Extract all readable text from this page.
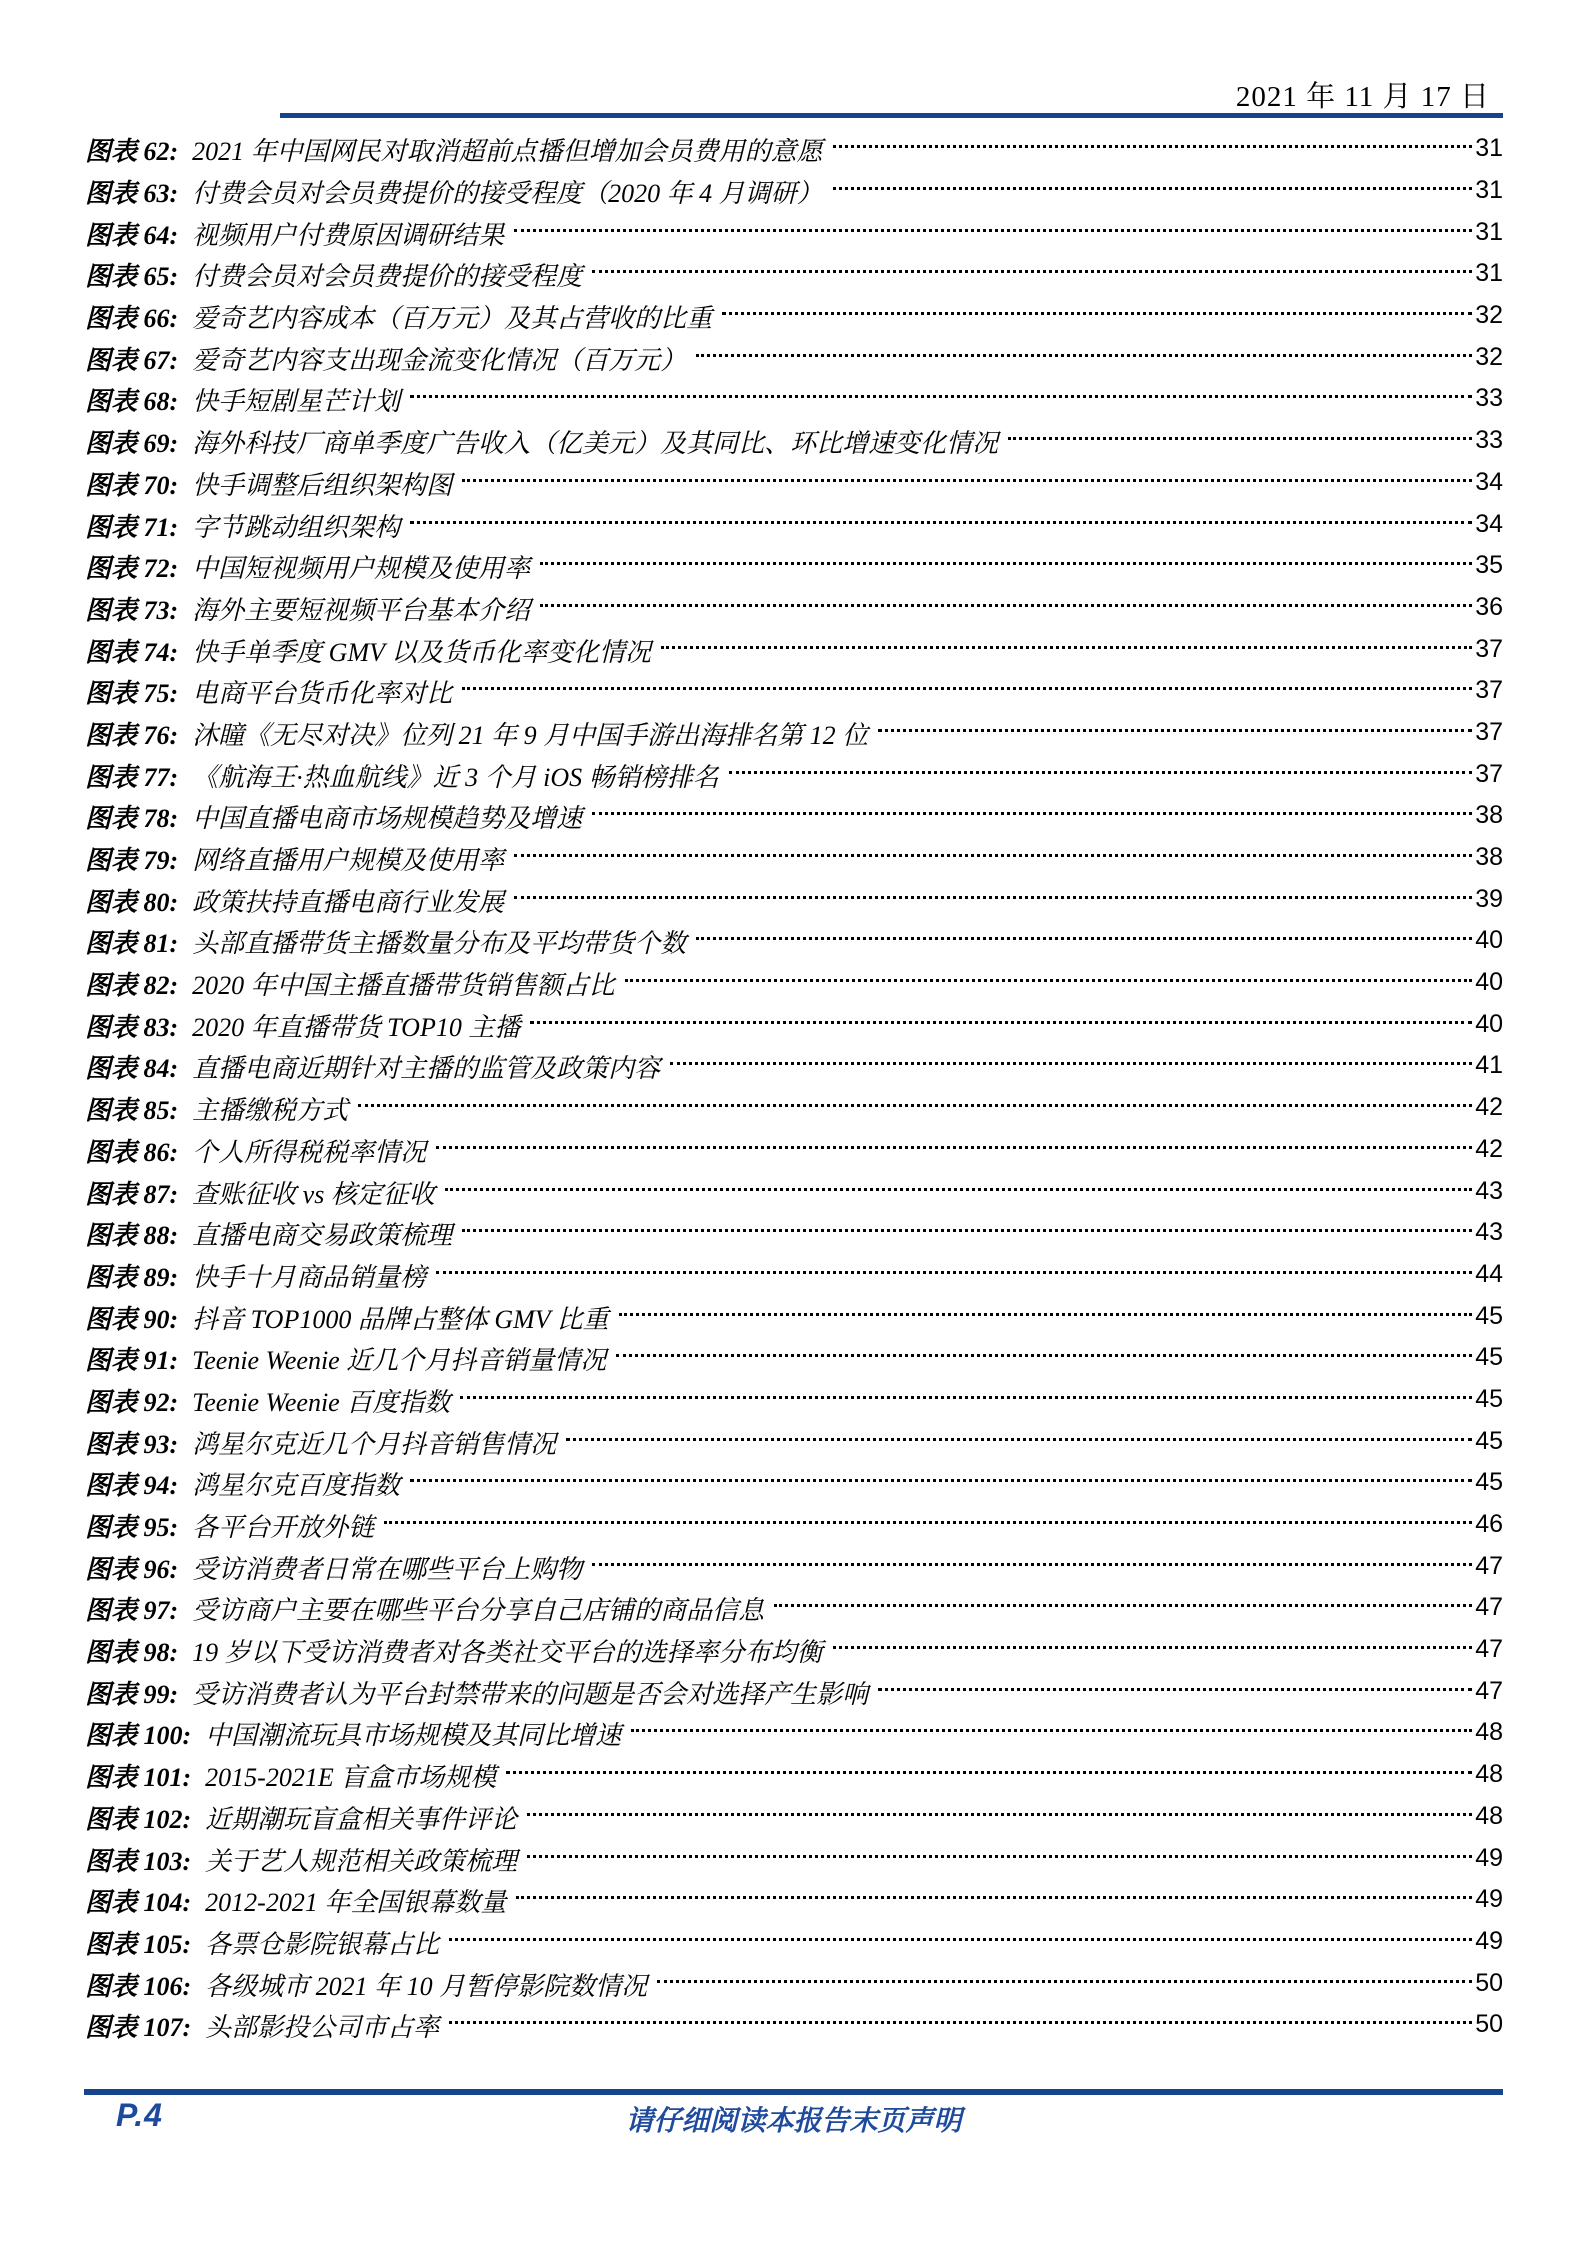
2021 年 11 月 17 日
图表 62: 2021 年中国网民对取消超前点播但增加会员费用的意愿	31
图表 63: 付费会员对会员费提价的接受程度（2020 年 4 月调研）	31
图表 64: 视频用户付费原因调研结果	31
图表 65: 付费会员对会员费提价的接受程度	31
图表 66: 爱奇艺内容成本（百万元）及其占营收的比重	32
图表 67: 爱奇艺内容支出现金流变化情况（百万元）	32
图表 68: 快手短剧星芒计划	33
图表 69: 海外科技厂商单季度广告收入（亿美元）及其同比、环比增速变化情况	33
图表 70: 快手调整后组织架构图	34
图表 71: 字节跳动组织架构	34
图表 72: 中国短视频用户规模及使用率	35
图表 73: 海外主要短视频平台基本介绍	36
图表 74: 快手单季度 GMV 以及货币化率变化情况	37
图表 75: 电商平台货币化率对比	37
图表 76: 沐瞳《无尽对决》位列 21 年 9 月中国手游出海排名第 12 位	37
图表 77: 《航海王·热血航线》近 3 个月 iOS 畅销榜排名	37
图表 78: 中国直播电商市场规模趋势及增速	38
图表 79: 网络直播用户规模及使用率	38
图表 80: 政策扶持直播电商行业发展	39
图表 81: 头部直播带货主播数量分布及平均带货个数	40
图表 82: 2020 年中国主播直播带货销售额占比	40
图表 83: 2020 年直播带货 TOP10 主播	40
图表 84: 直播电商近期针对主播的监管及政策内容	41
图表 85: 主播缴税方式	42
图表 86: 个人所得税税率情况	42
图表 87: 查账征收 vs 核定征收	43
图表 88: 直播电商交易政策梳理	43
图表 89: 快手十月商品销量榜	44
图表 90: 抖音 TOP1000 品牌占整体 GMV 比重	45
图表 91: Teenie Weenie 近几个月抖音销量情况	45
图表 92: Teenie Weenie 百度指数	45
图表 93: 鸿星尔克近几个月抖音销售情况	45
图表 94: 鸿星尔克百度指数	45
图表 95: 各平台开放外链	46
图表 96: 受访消费者日常在哪些平台上购物	47
图表 97: 受访商户主要在哪些平台分享自己店铺的商品信息	47
图表 98: 19 岁以下受访消费者对各类社交平台的选择率分布均衡	47
图表 99: 受访消费者认为平台封禁带来的问题是否会对选择产生影响	47
图表 100: 中国潮流玩具市场规模及其同比增速	48
图表 101: 2015-2021E 盲盒市场规模	48
图表 102: 近期潮玩盲盒相关事件评论	48
图表 103: 关于艺人规范相关政策梳理	49
图表 104: 2012-2021 年全国银幕数量	49
图表 105: 各票仓影院银幕占比	49
图表 106: 各级城市 2021 年 10 月暂停影院数情况	50
图表 107: 头部影投公司市占率	50
P.4	请仔细阅读本报告末页声明
